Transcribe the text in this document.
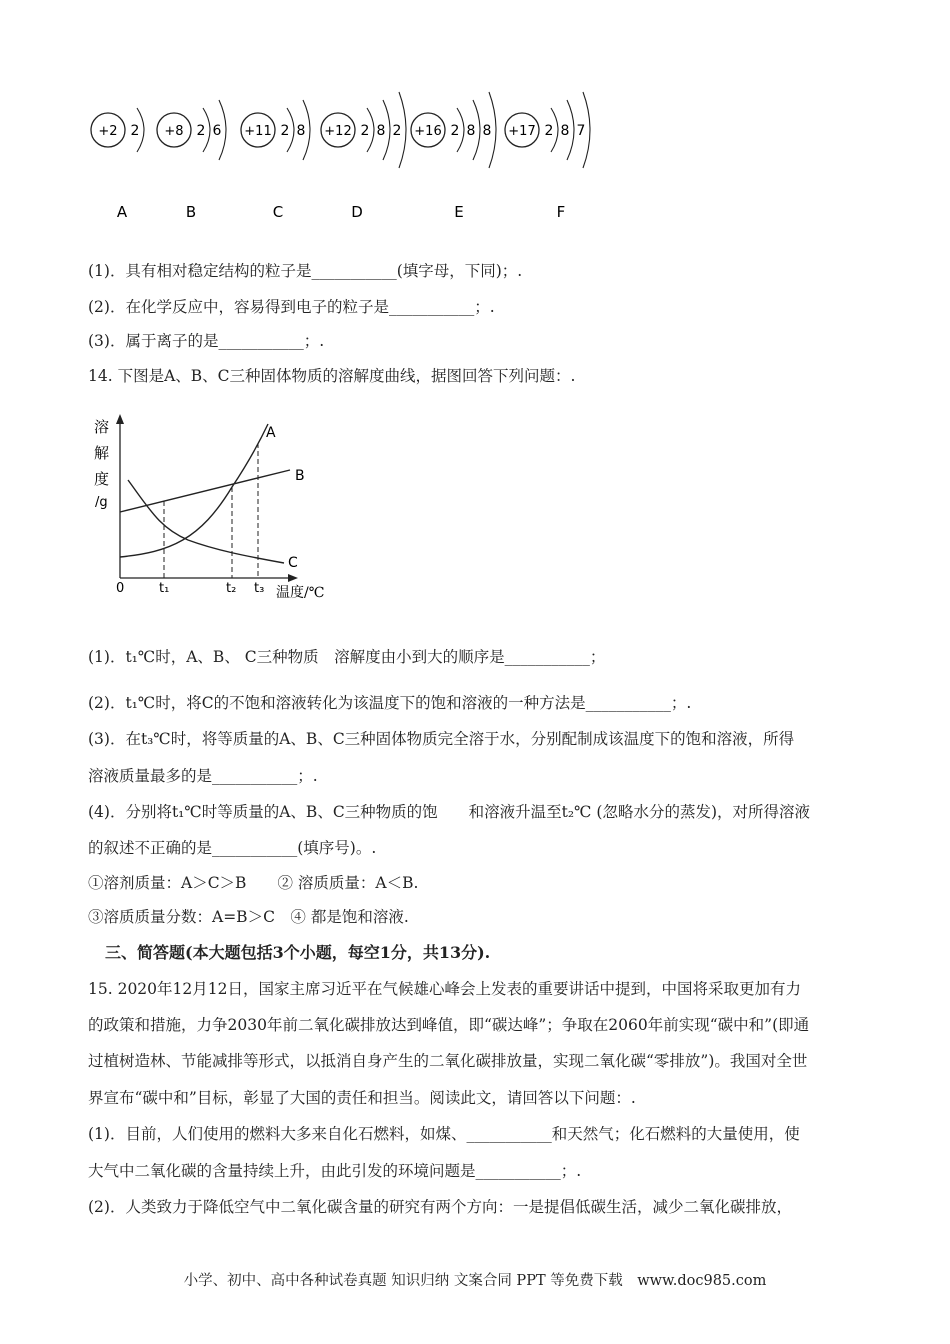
+2 2
A
+8 2 6
B
+11 2 8
C
+12 2 8 2
D
+16 2 8 8
E
+17 2 8 7
F
(1)．具有相对稳定结构的粒子是___________(填字母，下同)；.
(2)．在化学反应中，容易得到电子的粒子是___________；.
(3)．属于离子的是___________；.
14. 下图是A、B、C三种固体物质的溶解度曲线，据图回答下列问题：.
溶
解
度
/g
A
B
C
0	t₁	t₂ t₃ 温度/℃
(1)．t₁℃时，A、B、 C三种物质　溶解度由小到大的顺序是___________；
(2)．t₁℃时，将C的不饱和溶液转化为该温度下的饱和溶液的一种方法是___________；.
(3)．在t₃℃时，将等质量的A、B、C三种固体物质完全溶于水，分别配制成该温度下的饱和溶液，所得
溶液质量最多的是___________；.
(4)．分别将t₁℃时等质量的A、B、C三种物质的饱　　和溶液升温至t₂℃ (忽略水分的蒸发)，对所得溶液
的叙述不正确的是___________(填序号)。.
①溶剂质量：A＞C＞B　　② 溶质质量：A＜B.
③溶质质量分数：A=B＞C　④ 都是饱和溶液.
三、简答题(本大题包括3个小题，每空1分，共13分).
15. 2020年12月12日，国家主席习近平在气候雄心峰会上发表的重要讲话中提到，中国将采取更加有力
的政策和措施，力争2030年前二氧化碳排放达到峰值，即“碳达峰”；争取在2060年前实现“碳中和”(即通
过植树造林、节能减排等形式，以抵消自身产生的二氧化碳排放量，实现二氧化碳“零排放”)。我国对全世
界宣布“碳中和”目标，彰显了大国的责任和担当。阅读此文，请回答以下问题：.
(1)．目前，人们使用的燃料大多来自化石燃料，如煤、___________和天然气；化石燃料的大量使用，使
大气中二氧化碳的含量持续上升，由此引发的环境问题是___________；.
(2)．人类致力于降低空气中二氧化碳含量的研究有两个方向：一是提倡低碳生活，减少二氧化碳排放，
小学、初中、高中各种试卷真题 知识归纳 文案合同 PPT 等免费下载　www.doc985.com
